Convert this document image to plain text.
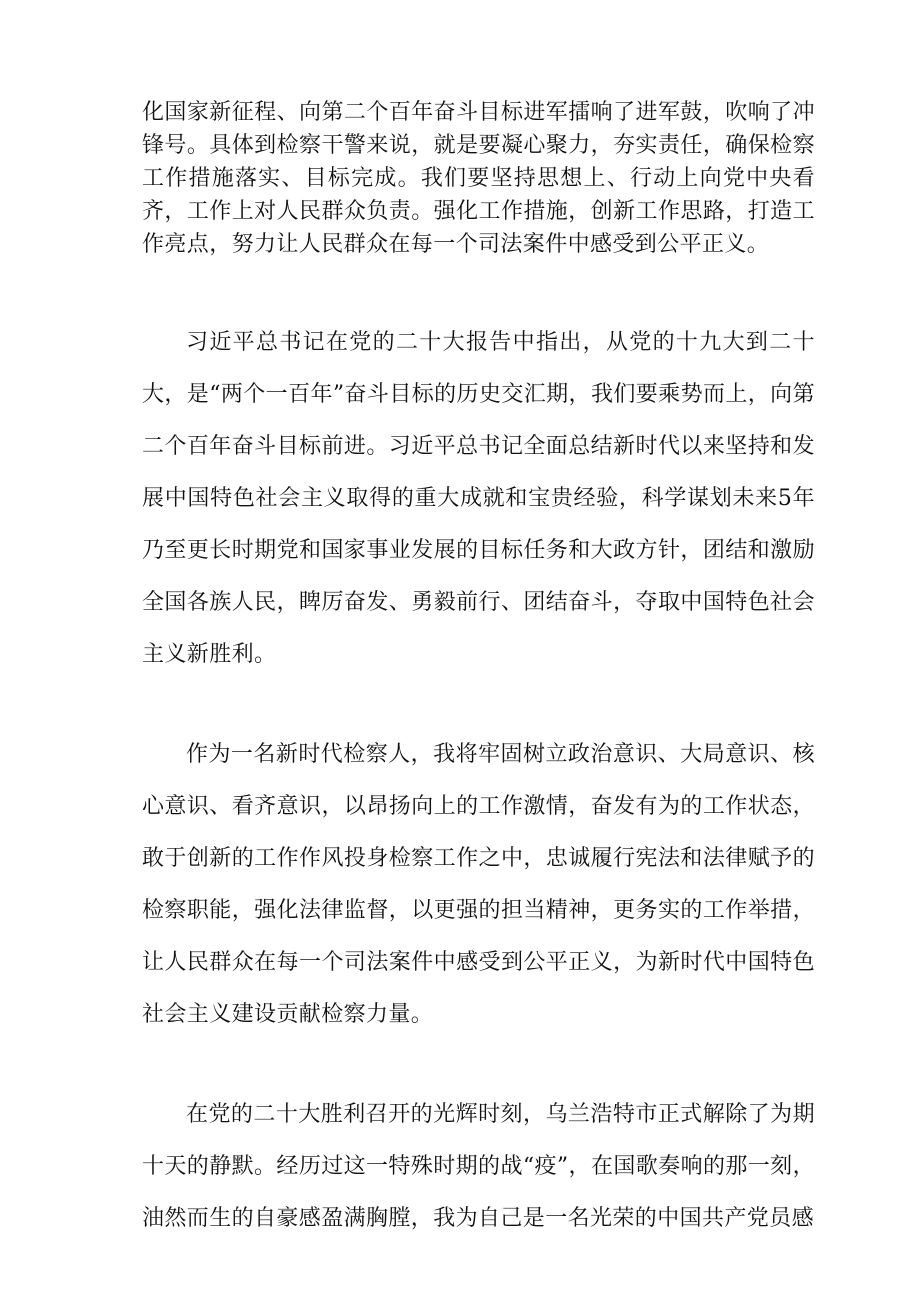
化国家新征程、向第二个百年奋斗目标进军擂响了进军鼓，吹响了冲锋号。具体到检察干警来说，就是要凝心聚力，夯实责任，确保检察工作措施落实、目标完成。我们要坚持思想上、行动上向党中央看齐，工作上对人民群众负责。强化工作措施，创新工作思路，打造工作亮点，努力让人民群众在每一个司法案件中感受到公平正义。

习近平总书记在党的二十大报告中指出，从党的十九大到二十大，是“两个一百年”奋斗目标的历史交汇期，我们要乘势而上，向第二个百年奋斗目标前进。习近平总书记全面总结新时代以来坚持和发展中国特色社会主义取得的重大成就和宝贵经验，科学谋划未来5年乃至更长时期党和国家事业发展的目标任务和大政方针，团结和激励全国各族人民，睥厉奋发、勇毅前行、团结奋斗，夺取中国特色社会主义新胜利。

作为一名新时代检察人，我将牢固树立政治意识、大局意识、核心意识、看齐意识，以昂扬向上的工作激情，奋发有为的工作状态，敢于创新的工作作风投身检察工作之中，忠诚履行宪法和法律赋予的检察职能，强化法律监督，以更强的担当精神，更务实的工作举措，让人民群众在每一个司法案件中感受到公平正义，为新时代中国特色社会主义建设贡献检察力量。

在党的二十大胜利召开的光辉时刻，乌兰浩特市正式解除了为期十天的静默。经历过这一特殊时期的战“疫”，在国歌奏响的那一刻，油然而生的自豪感盈满胸膛，我为自己是一名光荣的中国共产党员感
